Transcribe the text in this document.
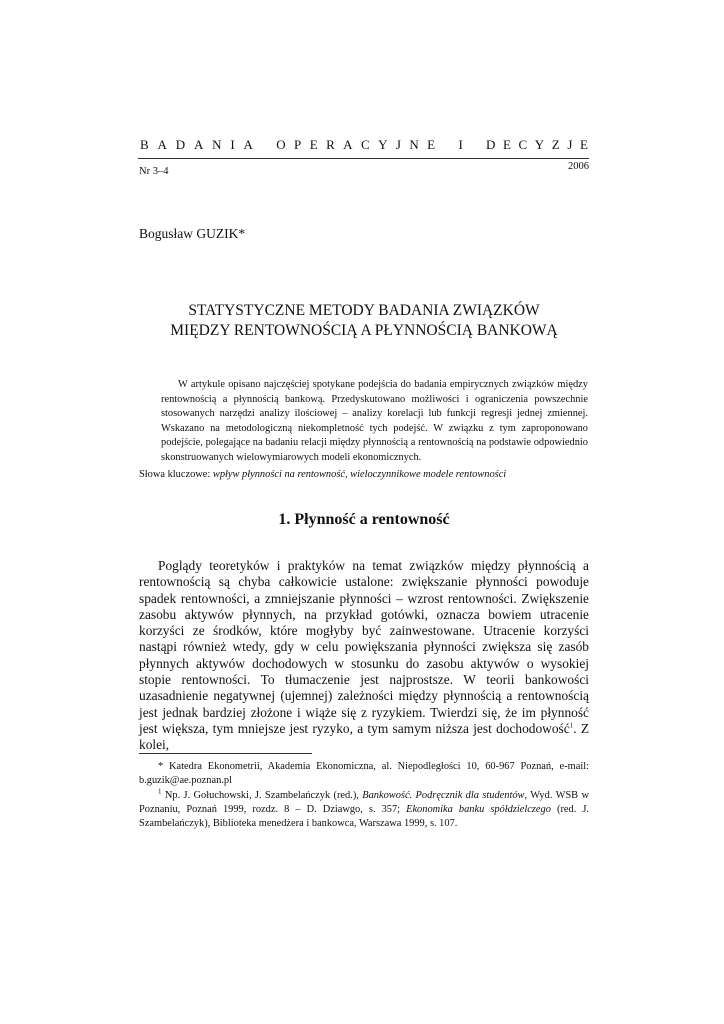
B A D A N I A O P E R A C Y J N E I D E C Y Z J E
Nr 3–4	2006
Bogusław GUZIK*
STATYSTYCZNE METODY BADANIA ZWIĄZKÓW
MIĘDZY RENTOWNOŚCIĄ A PŁYNNOŚCIĄ BANKOWĄ

W artykule opisano najczęściej spotykane podejścia do badania empirycznych związków między rentownością a płynnością bankową. Przedyskutowano możliwości i ograniczenia powszechnie stosowanych narzędzi analizy ilościowej – analizy korelacji lub funkcji regresji jednej zmiennej. Wskazano na metodologiczną niekompletność tych podejść. W związku z tym zaproponowano podejście, polegające na badaniu relacji między płynnością a rentownością na podstawie odpowiednio skonstruowanych wielowymiarowych modeli ekonomicznych.

Słowa kluczowe: wpływ płynności na rentowność, wieloczynnikowe modele rentowności
1. Płynność a rentowność

Poglądy teoretyków i praktyków na temat związków między płynnością a rentownością są chyba całkowicie ustalone: zwiększanie płynności powoduje spadek rentowności, a zmniejszanie płynności – wzrost rentowności. Zwiększenie zasobu aktywów płynnych, na przykład gotówki, oznacza bowiem utracenie korzyści ze środków, które mogłyby być zainwestowane. Utracenie korzyści nastąpi również wtedy, gdy w celu powiększania płynności zwiększa się zasób płynnych aktywów dochodowych w stosunku do zasobu aktywów o wysokiej stopie rentowności. To tłumaczenie jest najprostsze. W teorii bankowości uzasadnienie negatywnej (ujemnej) zależności między płynnością a rentownością jest jednak bardziej złożone i wiąże się z ryzykiem. Twierdzi się, że im płynność jest większa, tym mniejsze jest ryzyko, a tym samym niższa jest dochodowość$^1$. Z kolei,

* Katedra Ekonometrii, Akademia Ekonomiczna, al. Niepodległości 10, 60-967 Poznań, e-mail: b.guzik@ae.poznan.pl

$^1$ Np. J. Gołuchowski, J. Szambelańczyk (red.), Bankowość. Podręcznik dla studentów, Wyd. WSB w Poznaniu, Poznań 1999, rozdz. 8 – D. Dziawgo, s. 357; Ekonomika banku spółdzielczego (red. J. Szambelańczyk), Biblioteka menedżera i bankowca, Warszawa 1999, s. 107.
